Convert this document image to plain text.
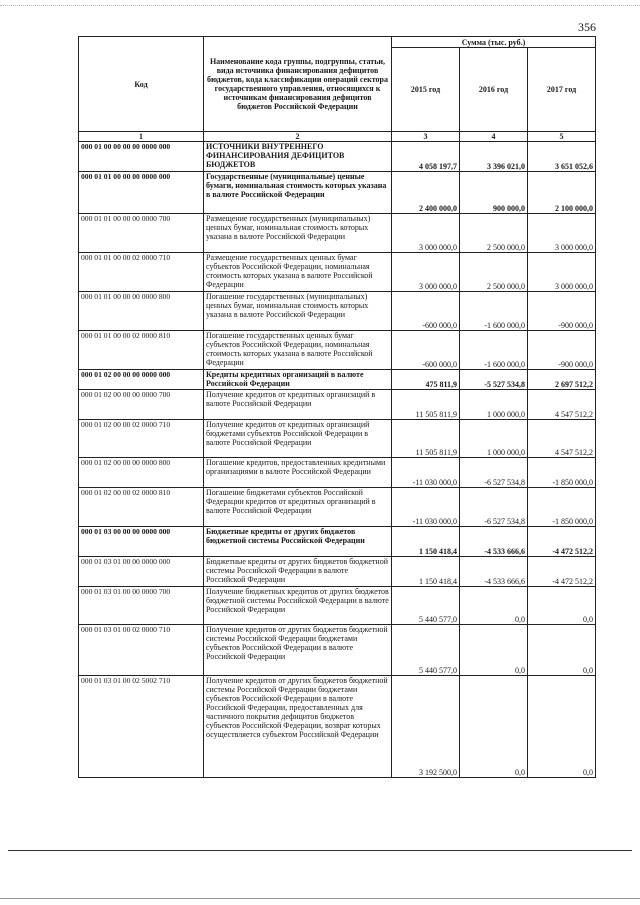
356
Код	Наименование кода группы, подгруппы, статьи, вида источника финансирования дефицитов бюджетов, кода классификации операций сектора государственного управления, относящихся к источникам финансирования дефицитов бюджетов Российской Федерации	Сумма (тыс. руб.)		
		2015 год	2016 год	2017 год
1	2	3	4	5
000 01 00 00 00 00 0000 000	ИСТОЧНИКИ ВНУТРЕННЕГО ФИНАНСИРОВАНИЯ ДЕФИЦИТОВ БЮДЖЕТОВ	4 058 197,7	3 396 021,0	3 651 052,6
000 01 01 00 00 00 0000 000	Государственные (муниципальные) ценные бумаги, номинальная стоимость которых указана в валюте Российской Федерации	2 400 000,0	900 000,0	2 100 000,0
000 01 01 00 00 00 0000 700	Размещение государственных (муниципальных) ценных бумаг, номинальная стоимость которых указана в валюте Российской Федерации	3 000 000,0	2 500 000,0	3 000 000,0
000 01 01 00 00 02 0000 710	Размещение государственных ценных бумаг субъектов Российской Федерации, номинальная стоимость которых указана в валюте Российской Федерации	3 000 000,0	2 500 000,0	3 000 000,0
000 01 01 00 00 00 0000 800	Погашение государственных (муниципальных) ценных бумаг, номинальная стоимость которых указана в валюте Российской Федерации	-600 000,0	-1 600 000,0	-900 000,0
000 01 01 00 00 02 0000 810	Погашение государственных ценных бумаг субъектов Российской Федерации, номинальная стоимость которых указана в валюте Российской Федерации	-600 000,0	-1 600 000,0	-900 000,0
000 01 02 00 00 00 0000 000	Кредиты кредитных организаций в валюте Российской Федерации	475 811,9	-5 527 534,8	2 697 512,2
000 01 02 00 00 00 0000 700	Получение кредитов от кредитных организаций в валюте Российской Федерации	11 505 811,9	1 000 000,0	4 547 512,2
000 01 02 00 00 02 0000 710	Получение кредитов от кредитных организаций бюджетами субъектов Российской Федерации в валюте Российской Федерации	11 505 811,9	1 000 000,0	4 547 512,2
000 01 02 00 00 00 0000 800	Погашение кредитов, предоставленных кредитными организациями в валюте Российской Федерации	-11 030 000,0	-6 527 534,8	-1 850 000,0
000 01 02 00 00 02 0000 810	Погашение бюджетами субъектов Российской Федерации кредитов от кредитных организаций в валюте Российской Федерации	-11 030 000,0	-6 527 534,8	-1 850 000,0
000 01 03 00 00 00 0000 000	Бюджетные кредиты от других бюджетов бюджетной системы Российской Федерации	1 150 418,4	-4 533 666,6	-4 472 512,2
000 01 03 01 00 00 0000 000	Бюджетные кредиты от других бюджетов бюджетной системы Российской Федерации в валюте Российской Федерации	1 150 418,4	-4 533 666,6	-4 472 512,2
000 01 03 01 00 00 0000 700	Получение бюджетных кредитов от других бюджетов бюджетной системы Российской Федерации в валюте Российской Федерации	5 440 577,0	0,0	0,0
000 01 03 01 00 02 0000 710	Получение кредитов от других бюджетов бюджетной системы Российской Федерации бюджетами субъектов Российской Федерации в валюте Российской Федерации	5 440 577,0	0,0	0,0
000 01 03 01 00 02 5002 710	Получение кредитов от других бюджетов бюджетной системы Российской Федерации бюджетами субъектов Российской Федерации в валюте Российской Федерации, предоставленных для частичного покрытия дефицитов бюджетов субъектов Российской Федерации, возврат которых осуществляется субъектом Российской Федерации	3 192 500,0	0,0	0,0
